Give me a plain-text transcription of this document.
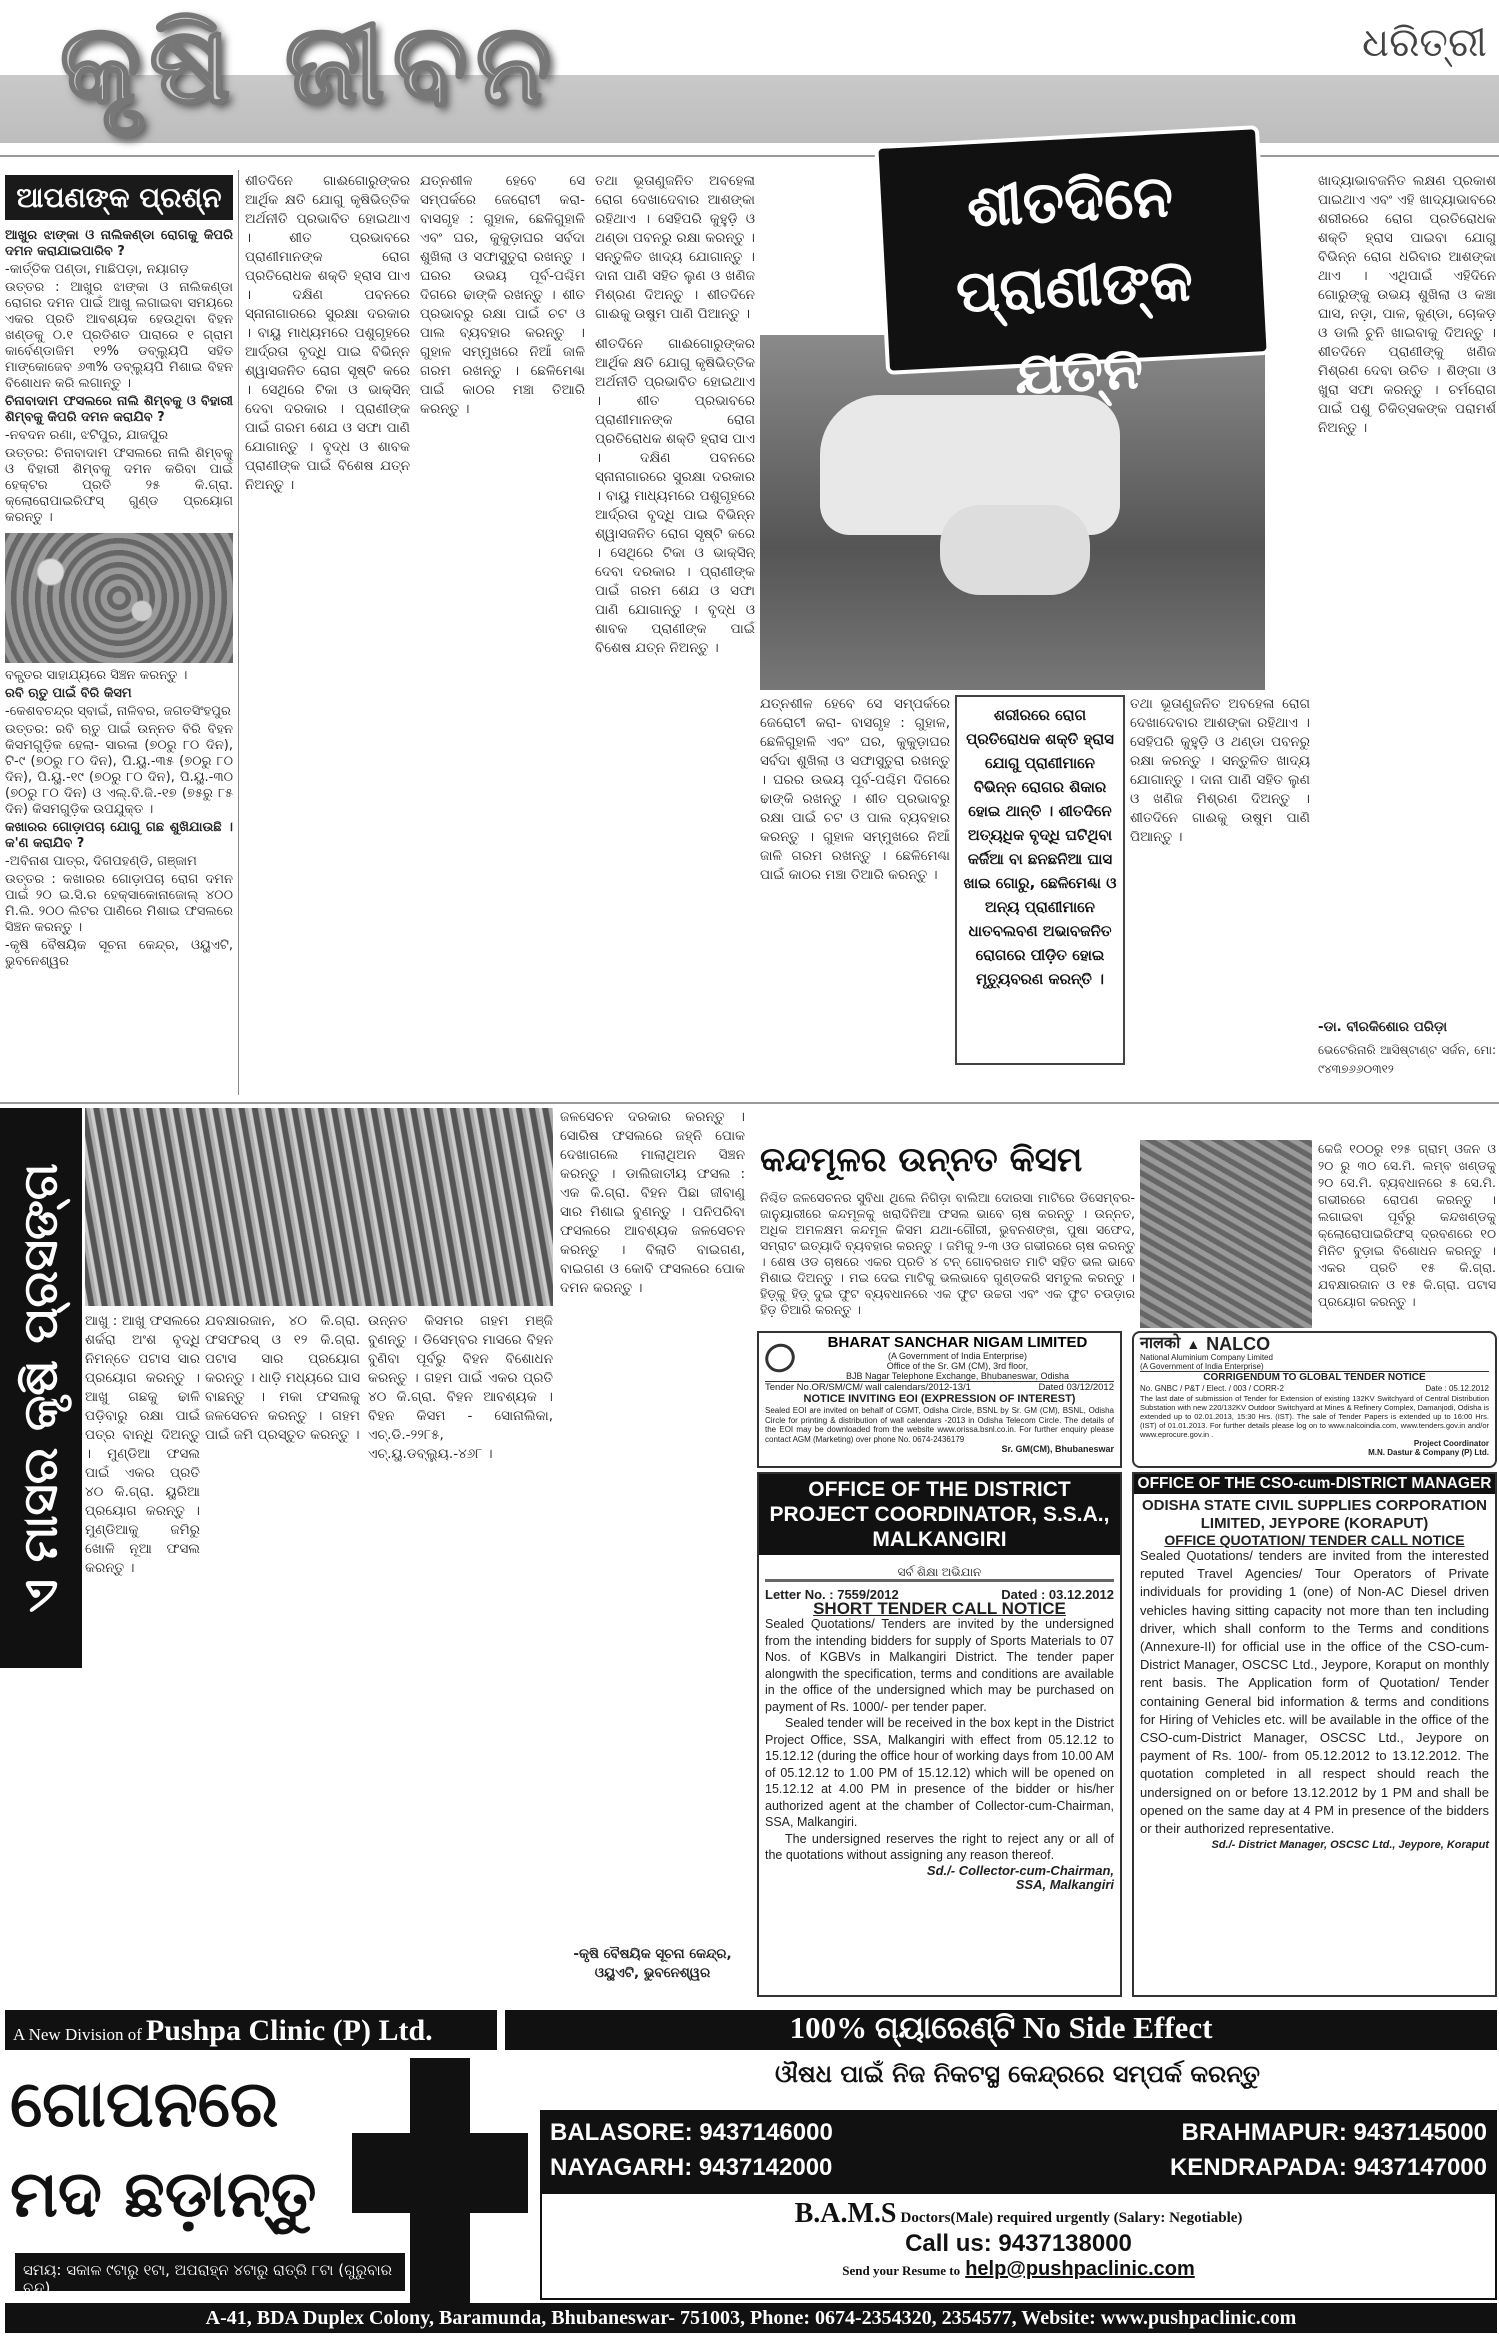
କୃଷି ଜୀବନ	ଧରିତ୍ରୀ
ଆପଣଙ୍କ ପ୍ରଶ୍ନ

ଆଖୁର ଝାଙ୍କା ଓ ନାଲିକଣ୍ଡା ରୋଗକୁ କିପରି ଦମନ କରାଯାଇପାରିବ ?

-କାର୍ତ୍ତିକ ପଣ୍ଡା, ମାଛିପଡ଼ା, ନୟାଗଡ଼

ଉତ୍ତର : ଆଖୁର ଝାଙ୍କା ଓ ନାଲିକଣ୍ଡା ରୋଗର ଦମନ ପାଇଁ ଆଖୁ ଲଗାଇବା ସମୟରେ ଏକର ପ୍ରତି ଆବଶ୍ୟକ ହେଉଥିବା ବିହନ ଖଣ୍ଡକୁ ୦.୧ ପ୍ରତିଶତ ପାରାରେ ୧ ଗ୍ରାମ କାର୍ବେଣ୍ଡାଜିମ ୧୨% ଡବ୍ଲ୍ୟୁପି ସହିତ ମାଙ୍କୋଜେବ ୬୩% ଡବ୍ଲ୍ୟୁପି ମିଶାଇ ବିହନ ବିଶୋଧନ କରି ଲଗାନ୍ତୁ ।

ଚିନାବାଦାମ ଫସଲରେ ନାଲି ଶିମ୍ବକୁ ଓ ବିହାରୀ ଶିମ୍ବକୁ କିପରି ଦମନ କରାଯିବ ?

-ନବଦନ ରଣା, ଝଟିପୁର, ଯାଜପୁର

ଉତ୍ତର: ଚିନାବାଦାମ ଫସଲରେ ନାଲି ଶିମ୍ବକୁ ଓ ବିହାରୀ ଶିମ୍ବକୁ ଦମନ କରିବା ପାଇଁ ହେକ୍ଟର ପ୍ରତି ୨୫ କି.ଗ୍ରା. କ୍ଲୋରୋପାଇରିଫସ୍ ଗୁଣ୍ଡ ପ୍ରୟୋଗ କରନ୍ତୁ ।

ବଳ୍ପ୍ତର ସାହାଯ୍ୟରେ ସିଞ୍ଚନ କରନ୍ତୁ ।

ରବି ଋତୁ ପାଇଁ ବିରି କିସମ

-କେଶବଚନ୍ଦ୍ର ସ୍ବାଇଁ, ନାଳିବର, ଜଗତସିଂହପୁର

ଉତ୍ତର: ରବି ଋତୁ ପାଇଁ ଉନ୍ନତ ବିରି ବିହନ କିସମଗୁଡ଼ିକ ହେଲା- ସାରଳା (୭୦ରୁ ୮୦ ଦିନ), ଟି-୯ (୭୦ରୁ ୮୦ ଦିନ), ପି.ୟୁ.-୩୫ (୭୦ରୁ ୮୦ ଦିନ), ପି.ୟୁ.-୧୯ (୭୦ରୁ ୮୦ ଦିନ), ପି.ୟୁ.-୩୦ (୭୦ରୁ ୮୦ ଦିନ) ଓ ଏଲ୍.ବି.ଜି.-୧୭ (୭୫ରୁ ୮୫ ଦିନ) କିସମଗୁଡ଼ିକ ଉପଯୁକ୍ତ ।

କଖାରର ଗୋଡ଼ାପଚା ଯୋଗୁ ଗଛ ଶୁଖିଯାଉଛି । କ'ଣ କରାଯିବ ?

-ଅବିନାଶ ପାତ୍ର, ଦିଗପହଣ୍ଡି, ଗଞ୍ଜାମ

ଉତ୍ତର : କଖାରର ଗୋଡ଼ାପଚା ରୋଗ ଦମନ ପାଇଁ ୨୦ ଇ.ସି.ର ହେକ୍ସାକୋନାଜୋଲ୍ ୪୦୦ ମି.ଲି. ୨୦୦ ଲିଟର ପାଣିରେ ମିଶାଇ ଫସଲରେ ସିଞ୍ଚନ କରନ୍ତୁ ।

-କୃଷି ବୈଷୟିକ ସୂଚନା କେନ୍ଦ୍ର, ଓୟୁଏଟି, ଭୁବନେଶ୍ୱର

ଶୀତଦିନେ ଗାଈଗୋରୁଙ୍କର ଆର୍ଥିକ କ୍ଷତି ଯୋଗୁ କୃଷିଭିତ୍ତିକ ଅର୍ଥନୀତି ପ୍ରଭାବିତ ହୋଇଥାଏ । ଶୀତ ପ୍ରଭାବରେ ପ୍ରାଣୀମାନଙ୍କ ରୋଗ ପ୍ରତିରୋଧକ ଶକ୍ତି ହ୍ରାସ ପାଏ । ଦକ୍ଷିଣ ପବନରେ ସ୍ନାନାଗାରରେ ସୁରକ୍ଷା ଦରକାର । ବାୟୁ ମାଧ୍ୟମରେ ପଶୁଗୃହରେ ଆର୍ଦ୍ରତା ବୃଦ୍ଧି ପାଇ ବିଭିନ୍ନ ଶ୍ୱାସଜନିତ ରୋଗ ସୃଷ୍ଟି କରେ । ସେଥିରେ ଟିକା ଓ ଭାକ୍ସିନ୍ ଦେବା ଦରକାର । ପ୍ରାଣୀଙ୍କ ପାଇଁ ଗରମ ଶେଯ ଓ ସଫା ପାଣି ଯୋଗାନ୍ତୁ । ବୃଦ୍ଧ ଓ ଶାବକ ପ୍ରାଣୀଙ୍କ ପାଇଁ ବିଶେଷ ଯତ୍ନ ନିଅନ୍ତୁ ।
ଯତ୍ନଶୀଳ ହେବେ ସେ ସମ୍ପର୍କରେ ଜେରୋଟୀ କରା- ବାସଗୃହ : ଗୁହାଳ, ଛେଳିଗୁହାଳି ଏବଂ ଘର, କୁକୁଡ଼ାଘର ସର୍ବଦା ଶୁଖିଲା ଓ ସଫାସୁତୁରା ରଖନ୍ତୁ । ଘରର ଉଭୟ ପୂର୍ବ-ପଶ୍ଚିମ ଦିଗରେ ଢାଙ୍କି ରଖନ୍ତୁ । ଶୀତ ପ୍ରଭାବରୁ ରକ୍ଷା ପାଇଁ ଚଟ ଓ ପାଲ ବ୍ୟବହାର କରନ୍ତୁ । ଗୁହାଳ ସମ୍ମୁଖରେ ନିଆଁ ଜାଳି ଗରମ ରଖନ୍ତୁ । ଛେଳିମେଣ୍ଢା ପାଇଁ କାଠର ମଞ୍ଚା ତିଆରି କରନ୍ତୁ ।
ତଥା ଭୂତାଣୁଜନିତ ଅବହେଳା ରୋଗ ଦେଖାଦେବାର ଆଶଙ୍କା ରହିଥାଏ । ସେହିପରି କୁହୁଡ଼ି ଓ ଥଣ୍ଡା ପବନରୁ ରକ୍ଷା କରନ୍ତୁ । ସନ୍ତୁଳିତ ଖାଦ୍ୟ ଯୋଗାନ୍ତୁ । ଦାନା ପାଣି ସହିତ ଲୁଣ ଓ ଖଣିଜ ମିଶ୍ରଣ ଦିଅନ୍ତୁ । ଶୀତଦିନେ ଗାଈକୁ ଉଷୁମ ପାଣି ପିଆନ୍ତୁ ।
ଶୀତଦିନେ ପ୍ରାଣୀଙ୍କ ଯତ୍ନ
ଶୀତଦିନେ ଗାଈଗୋରୁଙ୍କର ଆର୍ଥିକ କ୍ଷତି ଯୋଗୁ କୃଷିଭିତ୍ତିକ ଅର୍ଥନୀତି ପ୍ରଭାବିତ ହୋଇଥାଏ । ଶୀତ ପ୍ରଭାବରେ ପ୍ରାଣୀମାନଙ୍କ ରୋଗ ପ୍ରତିରୋଧକ ଶକ୍ତି ହ୍ରାସ ପାଏ । ଦକ୍ଷିଣ ପବନରେ ସ୍ନାନାଗାରରେ ସୁରକ୍ଷା ଦରକାର । ବାୟୁ ମାଧ୍ୟମରେ ପଶୁଗୃହରେ ଆର୍ଦ୍ରତା ବୃଦ୍ଧି ପାଇ ବିଭିନ୍ନ ଶ୍ୱାସଜନିତ ରୋଗ ସୃଷ୍ଟି କରେ । ସେଥିରେ ଟିକା ଓ ଭାକ୍ସିନ୍ ଦେବା ଦରକାର । ପ୍ରାଣୀଙ୍କ ପାଇଁ ଗରମ ଶେଯ ଓ ସଫା ପାଣି ଯୋଗାନ୍ତୁ । ବୃଦ୍ଧ ଓ ଶାବକ ପ୍ରାଣୀଙ୍କ ପାଇଁ ବିଶେଷ ଯତ୍ନ ନିଅନ୍ତୁ ।
ଯତ୍ନଶୀଳ ହେବେ ସେ ସମ୍ପର୍କରେ ଜେରୋଟୀ କରା- ବାସଗୃହ : ଗୁହାଳ, ଛେଳିଗୁହାଳି ଏବଂ ଘର, କୁକୁଡ଼ାଘର ସର୍ବଦା ଶୁଖିଲା ଓ ସଫାସୁତୁରା ରଖନ୍ତୁ । ଘରର ଉଭୟ ପୂର୍ବ-ପଶ୍ଚିମ ଦିଗରେ ଢାଙ୍କି ରଖନ୍ତୁ । ଶୀତ ପ୍ରଭାବରୁ ରକ୍ଷା ପାଇଁ ଚଟ ଓ ପାଲ ବ୍ୟବହାର କରନ୍ତୁ । ଗୁହାଳ ସମ୍ମୁଖରେ ନିଆଁ ଜାଳି ଗରମ ରଖନ୍ତୁ । ଛେଳିମେଣ୍ଢା ପାଇଁ କାଠର ମଞ୍ଚା ତିଆରି କରନ୍ତୁ ।
ଶରୀରରେ ରୋଗ ପ୍ରତିରୋଧକ ଶକ୍ତି ହ୍ରାସ ଯୋଗୁ ପ୍ରାଣୀମାନେ ବିଭିନ୍ନ ରୋଗର ଶିକାର ହୋଇ ଥାନ୍ତି । ଶୀତଦିନେ ଅତ୍ୟଧିକ ବୃଦ୍ଧି ଘଟିଥିବା କର୍ଜିଆ ବା ଛନଛନିଆ ଘାସ ଖାଇ ଗୋରୁ, ଛେଳିମେଣ୍ଢା ଓ ଅନ୍ୟ ପ୍ରାଣୀମାନେ ଧାତବଲବଣ ଅଭାବଜନିତ ରୋଗରେ ପୀଡ଼ିତ ହୋଇ ମୃତ୍ୟୁବରଣ କରନ୍ତି ।
ତଥା ଭୂତାଣୁଜନିତ ଅବହେଳା ରୋଗ ଦେଖାଦେବାର ଆଶଙ୍କା ରହିଥାଏ । ସେହିପରି କୁହୁଡ଼ି ଓ ଥଣ୍ଡା ପବନରୁ ରକ୍ଷା କରନ୍ତୁ । ସନ୍ତୁଳିତ ଖାଦ୍ୟ ଯୋଗାନ୍ତୁ । ଦାନା ପାଣି ସହିତ ଲୁଣ ଓ ଖଣିଜ ମିଶ୍ରଣ ଦିଅନ୍ତୁ । ଶୀତଦିନେ ଗାଈକୁ ଉଷୁମ ପାଣି ପିଆନ୍ତୁ ।
ଖାଦ୍ୟାଭାବଜନିତ ଲକ୍ଷଣ ପ୍ରକାଶ ପାଇଥାଏ ଏବଂ ଏହି ଖାଦ୍ୟାଭାବରେ ଶରୀରରେ ରୋଗ ପ୍ରତିରୋଧକ ଶକ୍ତି ହ୍ରାସ ପାଇବା ଯୋଗୁ ବିଭିନ୍ନ ରୋଗ ଧରିବାର ଆଶଙ୍କା ଥାଏ । ଏଥିପାଇଁ ଏହିଦିନେ ଗୋରୁଙ୍କୁ ଉଭୟ ଶୁଖିଲା ଓ କଞ୍ଚା ଘାସ, ନଡ଼ା, ପାଳ, କୁଣ୍ଡା, ଚୋକଡ଼ ଓ ଡାଲି ଚୁନି ଖାଇବାକୁ ଦିଅନ୍ତୁ । ଶୀତଦିନେ ପ୍ରାଣୀଙ୍କୁ ଖଣିଜ ମିଶ୍ରଣ ଦେବା ଉଚିତ । ଶିଙ୍ଗା ଓ ଖୁରା ସଫା କରନ୍ତୁ । ଚର୍ମରୋଗ ପାଇଁ ପଶୁ ଚିକିତ୍ସକଙ୍କ ପରାମର୍ଶ ନିଅନ୍ତୁ ।

-ଡା. ବୀରକିଶୋର ପରିଡ଼ା

ଭେଟେରିନାରି ଆସିଷ୍ଟାଣ୍ଟ ସର୍ଜନ, ମୋ: ୯୪୩୭୬୬୦୩୧୨

ଏ ମାସର କୃଷି ପ୍ରସଙ୍ଗ ଆଖୁ : ଆଖୁ ଫସଲରେ ଶର୍କରା ଅଂଶ ବୃଦ୍ଧି ନିମନ୍ତେ ପଟାସ ସାର ପ୍ରୟୋଗ କରନ୍ତୁ । ଆଖୁ ଗଛକୁ ଢାଳି ପଡ଼ିବାରୁ ରକ୍ଷା ପାଇଁ ପତ୍ର ବାନ୍ଧି ଦିଅନ୍ତୁ । ମୁଣ୍ଡିଆ ଫସଲ ପାଇଁ ଏକର ପ୍ରତି ୪୦ କି.ଗ୍ରା. ୟୁରିଆ ପ୍ରୟୋଗ କରନ୍ତୁ । ମୁଣ୍ଡିଆକୁ ଜମିରୁ ଖୋଳି ନୂଆ ଫସଲ କରନ୍ତୁ ।
ଯବକ୍ଷାରଜାନ, ୪୦ କି.ଗ୍ରା. ଫସଫରସ୍ ଓ ୧୨ କି.ଗ୍ରା. ପଟାସ ସାର ପ୍ରୟୋଗ କରନ୍ତୁ । ଧାଡ଼ି ମଧ୍ୟରେ ଘାସ ବାଛନ୍ତୁ । ମକା ଫସଲକୁ ଜଳସେଚନ କରନ୍ତୁ । ଗହମ ପାଇଁ ଜମି ପ୍ରସ୍ତୁତ କରନ୍ତୁ ।
ଉନ୍ନତ କିସମର ଗହମ ମଞ୍ଜି ବୁଣନ୍ତୁ । ଡିସେମ୍ବର ମାସରେ ବିହନ ବୁଣିବା ପୂର୍ବରୁ ବିହନ ବିଶୋଧନ କରନ୍ତୁ । ଗହମ ପାଇଁ ଏକର ପ୍ରତି ୪୦ କି.ଗ୍ରା. ବିହନ ଆବଶ୍ୟକ । ବିହନ କିସମ - ସୋନାଲିକା, ଏଚ୍.ଡି.-୨୨୮୫, ଏଚ୍.ୟୁ.ଡବ୍ଲ୍ୟୁ.-୪୬୮ ।
ଜଳସେଚନ ଦରକାର କରନ୍ତୁ । ସୋରିଷ ଫସଲରେ ଜହ୍ନି ପୋକ ଦେଖାଗଲେ ମାଲାଥିଅନ ସିଞ୍ଚନ କରନ୍ତୁ । ଡାଲିଜାତୀୟ ଫସଲ : ଏକ କି.ଗ୍ରା. ବିହନ ପିଛା ଜୀବାଣୁ ସାର ମିଶାଇ ବୁଣନ୍ତୁ । ପନିପରିବା ଫସଲରେ ଆବଶ୍ୟକ ଜଳସେଚନ କରନ୍ତୁ । ବିଲାତି ବାଇଗଣ, ବାଇଗଣ ଓ କୋବି ଫସଲରେ ପୋକ ଦମନ କରନ୍ତୁ ।
-କୃଷି ବୈଷୟିକ ସୂଚନା କେନ୍ଦ୍ର, ଓୟୁଏଟି, ଭୁବନେଶ୍ୱର
କନ୍ଦମୂଳର ଉନ୍ନତ କିସମ
ନିଶ୍ଚିତ ଜଳସେଚନର ସୁବିଧା ଥିଲେ ନିଗିଡ଼ା ବାଲିଆ ଦୋରସା ମାଟିରେ ଡିସେମ୍ବର-ଜାନୁୟାରୀରେ କନ୍ଦମୂଳକୁ ଖରାଦିନିଆ ଫସଲ ଭାବେ ଚାଷ କରନ୍ତୁ । ଉନ୍ନତ, ଅଧିକ ଅମଳକ୍ଷମ କନ୍ଦମୂଳ କିସମ ଯଥା-ଗୌରୀ, ଭୁବନଶଙ୍ଖ, ପୁଷା ସଫେଦ, ସମ୍ରାଟ ଇତ୍ୟାଦି ବ୍ୟବହାର କରନ୍ତୁ । ଜମିକୁ ୨-୩ ଓଡ ଗଭୀରରେ ଚାଷ କରନ୍ତୁ । ଶେଷ ଓଡ ଚାଷରେ ଏକର ପ୍ରତି ୪ ଟନ୍ ଗୋବରଖତ ମାଟି ସହିତ ଭଲ ଭାବେ ମିଶାଇ ଦିଅନ୍ତୁ । ମଇ ଦେଇ ମାଟିକୁ ଭଲଭାବେ ଗୁଣ୍ଡକରି ସମତୁଲ କରନ୍ତୁ । ହିଡ଼୍‌କୁ ହିଡ଼୍ ଦୁଇ ଫୁଟ ବ୍ୟବଧାନରେ ଏକ ଫୁଟ ଉଚ୍ଚତା ଏବଂ ଏକ ଫୁଟ ଚଉଡ଼ାର ହିଡ଼ ତିଆରି କରନ୍ତୁ ।
କେଜି ୧୦୦ରୁ ୧୨୫ ଗ୍ରାମ୍ ଓଜନ ଓ ୨୦ ରୁ ୩୦ ସେ.ମି. ଲମ୍ବ ଖଣ୍ଡକୁ ୨୦ ସେ.ମି. ବ୍ୟବଧାନରେ ୫ ସେ.ମି. ଗଭୀରରେ ରୋପଣ କରନ୍ତୁ । ଲଗାଇବା ପୂର୍ବରୁ କନ୍ଦଖଣ୍ଡକୁ କ୍ଲୋରୋପାଇରିଫସ୍ ଦ୍ରବଣରେ ୧୦ ମିନିଟ ବୁଡ଼ାଇ ବିଶୋଧନ କରନ୍ତୁ । ଏକର ପ୍ରତି ୧୫ କି.ଗ୍ରା. ଯବକ୍ଷାରଜାନ ଓ ୧୫ କି.ଗ୍ରା. ପଟାସ ପ୍ରୟୋଗ କରନ୍ତୁ ।
BHARAT SANCHAR NIGAM LIMITED
(A Government of India Enterprise)
Office of the Sr. GM (CM), 3rd floor,
BJB Nagar Telephone Exchange, Bhubaneswar, Odisha
Tender No.OR/SM/CM/ wall calendars/2012-13/1	Dated 03/12/2012
NOTICE INVITING EOI (EXPRESSION OF INTEREST)
Sealed EOI are invited on behalf of CGMT, Odisha Circle, BSNL by Sr. GM (CM), BSNL, Odisha Circle for printing & distribution of wall calendars -2013 in Odisha Telecom Circle. The details of the EOI may be downloaded from the website www.orissa.bsnl.co.in. For further enquiry please contact AGM (Marketing) over phone No. 0674-2436179
Sr. GM(CM), Bhubaneswar
नालको ▲ NALCO
National Aluminium Company Limited
(A Government of India Enterprise)
CORRIGENDUM TO GLOBAL TENDER NOTICE
No. GNBC / P&T / Elect. / 003 / CORR-2	Date : 05.12.2012
The last date of submission of Tender for Extension of existing 132KV Switchyard of Central Distribution Substation with new 220/132KV Outdoor Switchyard at Mines & Refinery Complex, Damanjodi, Odisha is extended up to 02.01.2013, 15:30 Hrs. (IST). The sale of Tender Papers is extended up to 16:00 Hrs. (IST) of 01.01.2013. For further details please log on to www.nalcoindia.com, www.tenders.gov.in and/or www.eprocure.gov.in .
Project Coordinator
M.N. Dastur & Company (P) Ltd.
OFFICE OF THE DISTRICT PROJECT COORDINATOR, S.S.A., MALKANGIRI
ସର୍ବ ଶିକ୍ଷା ଅଭିଯାନ
Letter No. : 7559/2012	Dated : 03.12.2012
SHORT TENDER CALL NOTICE

Sealed Quotations/ Tenders are invited by the undersigned from the intending bidders for supply of Sports Materials to 07 Nos. of KGBVs in Malkangiri District. The tender paper alongwith the specification, terms and conditions are available in the office of the undersigned which may be purchased on payment of Rs. 1000/- per tender paper.

Sealed tender will be received in the box kept in the District Project Office, SSA, Malkangiri with effect from 05.12.12 to 15.12.12 (during the office hour of working days from 10.00 AM of 05.12.12 to 1.00 PM of 15.12.12) which will be opened on 15.12.12 at 4.00 PM in presence of the bidder or his/her authorized agent at the chamber of Collector-cum-Chairman, SSA, Malkangiri.

The undersigned reserves the right to reject any or all of the quotations without assigning any reason thereof.

Sd./- Collector-cum-Chairman,
SSA, Malkangiri
OFFICE OF THE CSO-cum-DISTRICT MANAGER
ODISHA STATE CIVIL SUPPLIES CORPORATION LIMITED, JEYPORE (KORAPUT)
OFFICE QUOTATION/ TENDER CALL NOTICE

Sealed Quotations/ tenders are invited from the interested reputed Travel Agencies/ Tour Operators of Private individuals for providing 1 (one) of Non-AC Diesel driven vehicles having sitting capacity not more than ten including driver, which shall conform to the Terms and conditions (Annexure-II) for official use in the office of the CSO-cum-District Manager, OSCSC Ltd., Jeypore, Koraput on monthly rent basis. The Application form of Quotation/ Tender containing General bid information & terms and conditions for Hiring of Vehicles etc. will be available in the office of the CSO-cum-District Manager, OSCSC Ltd., Jeypore on payment of Rs. 100/- from 05.12.2012 to 13.12.2012. The quotation completed in all respect should reach the undersigned on or before 13.12.2012 by 1 PM and shall be opened on the same day at 4 PM in presence of the bidders or their authorized representative.

Sd./- District Manager, OSCSC Ltd., Jeypore, Koraput
A New Division of Pushpa Clinic (P) Ltd.	100% ଗ୍ୟାରେଣ୍ଟି No Side Effect
ଗୋପନରେ
ମଦ ଛଡ଼ାନ୍ତୁ
ସମୟ: ସକାଳ ୯ଟାରୁ ୧ଟା, ଅପରାହ୍ନ ୪ଟାରୁ ରାତ୍ରି ୮ଟା (ଗୁରୁବାର ବନ୍ଦ)
ଔଷଧ ପାଇଁ ନିଜ ନିକଟସ୍ଥ କେନ୍ଦ୍ରରେ ସମ୍ପର୍କ କରନ୍ତୁ
BALASORE: 9437146000	BRAHMAPUR: 9437145000
NAYAGARH: 9437142000	KENDRAPADA: 9437147000
B.A.M.S Doctors(Male) required urgently (Salary: Negotiable)
Call us: 9437138000
Send your Resume to help@pushpaclinic.com
A-41, BDA Duplex Colony, Baramunda, Bhubaneswar- 751003, Phone: 0674-2354320, 2354577, Website: www.pushpaclinic.com
